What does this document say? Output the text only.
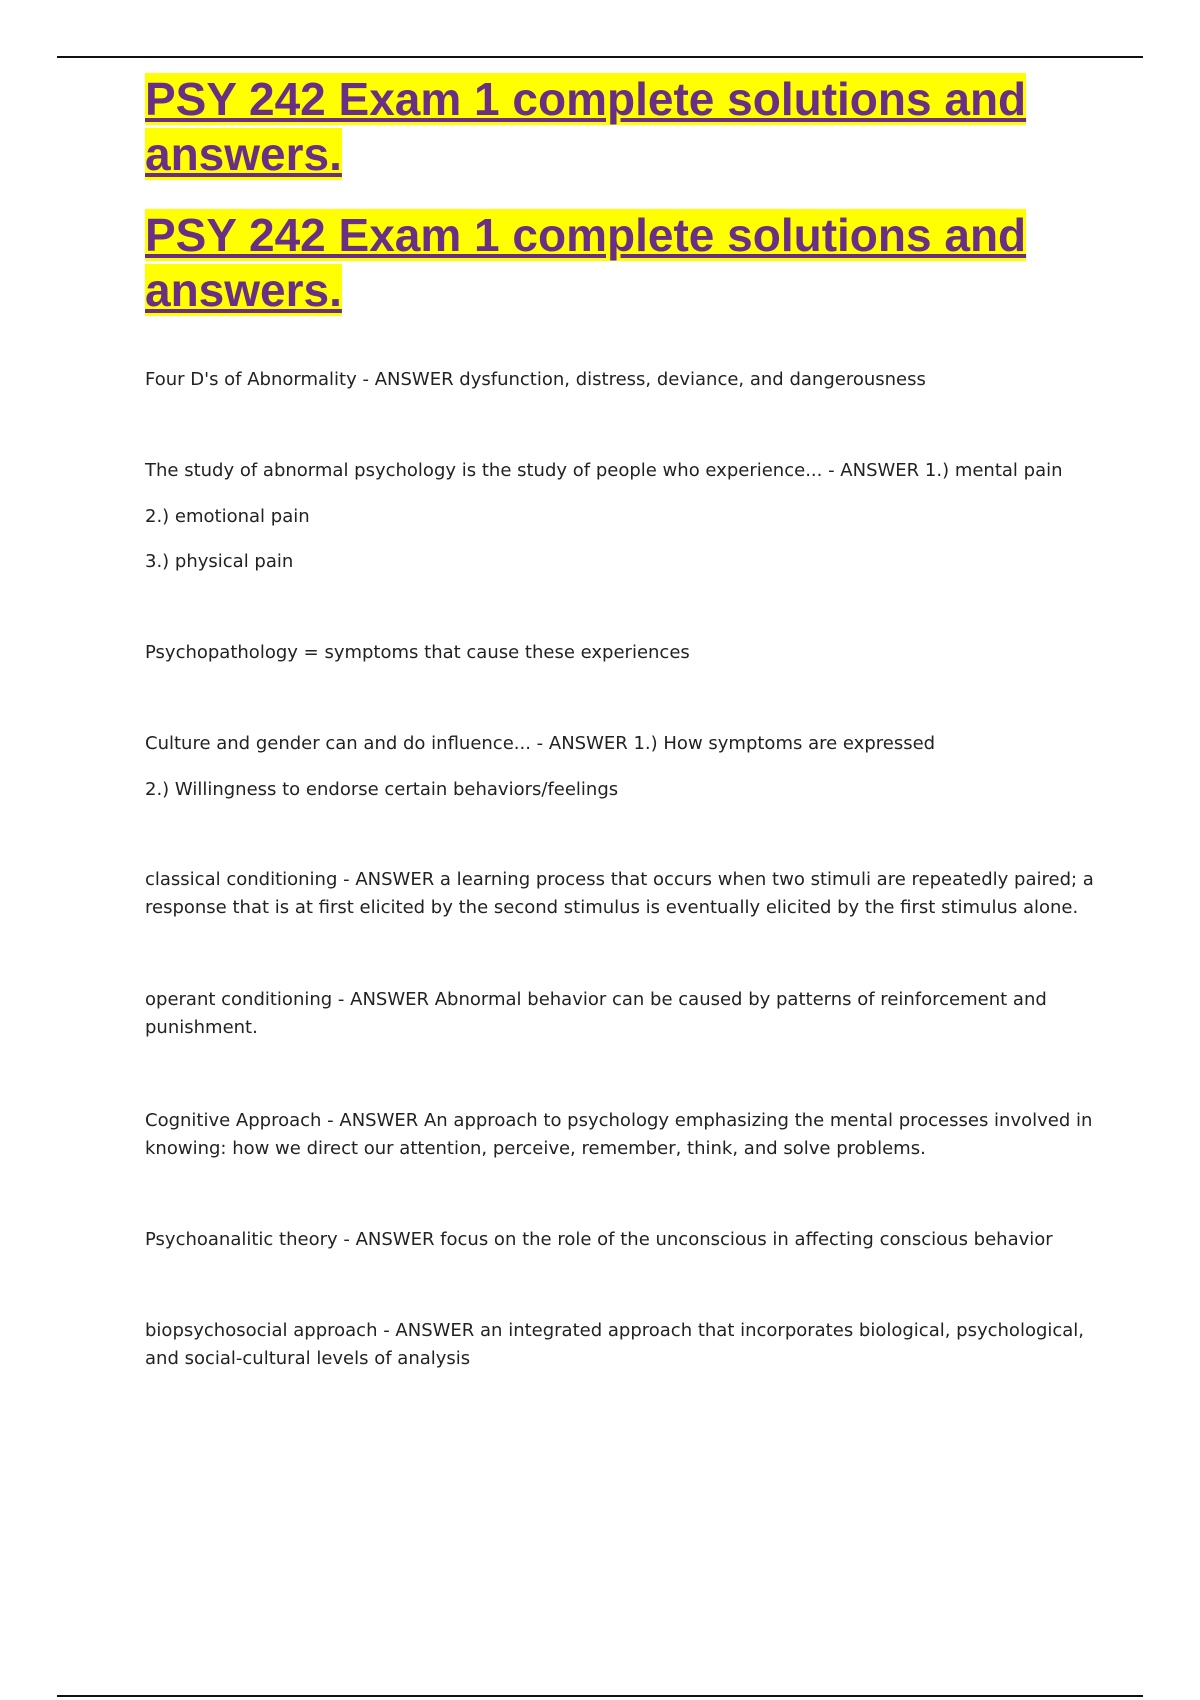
PSY 242 Exam 1 complete solutions and answers.
PSY 242 Exam 1 complete solutions and answers.

Four D's of Abnormality - ANSWER dysfunction, distress, deviance, and dangerousness

The study of abnormal psychology is the study of people who experience... - ANSWER 1.) mental pain

2.) emotional pain

3.) physical pain

Psychopathology = symptoms that cause these experiences

Culture and gender can and do influence... - ANSWER 1.) How symptoms are expressed

2.) Willingness to endorse certain behaviors/feelings

classical conditioning - ANSWER a learning process that occurs when two stimuli are repeatedly paired; a response that is at first elicited by the second stimulus is eventually elicited by the first stimulus alone.

operant conditioning - ANSWER Abnormal behavior can be caused by patterns of reinforcement and punishment.

Cognitive Approach - ANSWER An approach to psychology emphasizing the mental processes involved in knowing: how we direct our attention, perceive, remember, think, and solve problems.

Psychoanalitic theory - ANSWER focus on the role of the unconscious in affecting conscious behavior

biopsychosocial approach - ANSWER an integrated approach that incorporates biological, psychological, and social-cultural levels of analysis
